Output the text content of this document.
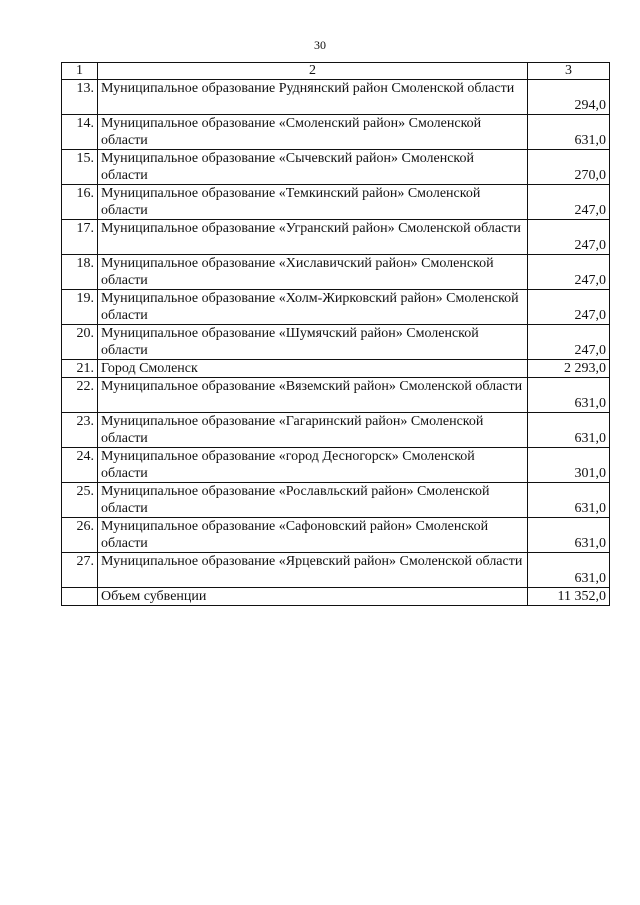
30
1	2	3
13.	Муниципальное образование Руднянский район Смоленской области	294,0
14.	Муниципальное образование «Смоленский район» Смоленской области	631,0
15.	Муниципальное образование «Сычевский район» Смоленской области	270,0
16.	Муниципальное образование «Темкинский район» Смоленской области	247,0
17.	Муниципальное образование «Угранский район» Смоленской области	247,0
18.	Муниципальное образование «Хиславичский район» Смоленской области	247,0
19.	Муниципальное образование «Холм-Жирковский район» Смоленской области	247,0
20.	Муниципальное образование «Шумячский район» Смоленской области	247,0
21.	Город Смоленск	2 293,0
22.	Муниципальное образование «Вяземский район» Смоленской области	631,0
23.	Муниципальное образование «Гагаринский район» Смоленской области	631,0
24.	Муниципальное образование «город Десногорск» Смоленской области	301,0
25.	Муниципальное образование «Рославльский район» Смоленской области	631,0
26.	Муниципальное образование «Сафоновский район» Смоленской области	631,0
27.	Муниципальное образование «Ярцевский район» Смоленской области	631,0
	Объем субвенции	11 352,0
